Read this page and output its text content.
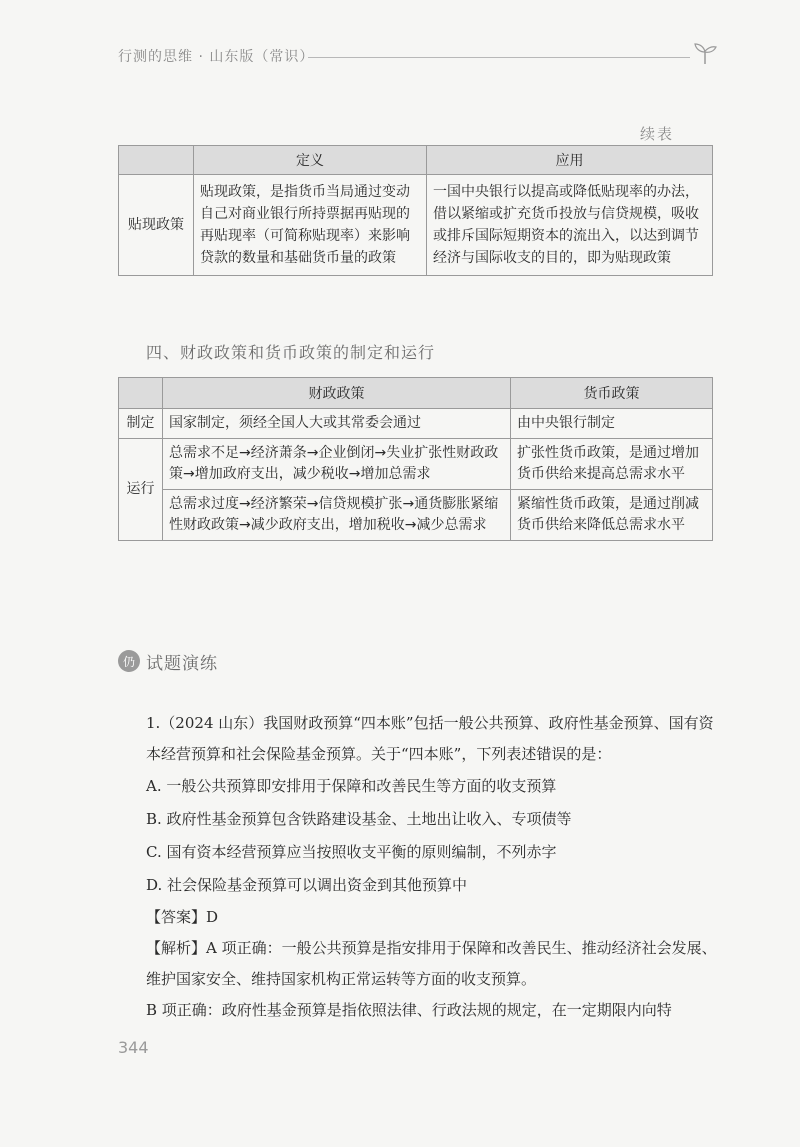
行测的思维 · 山东版（常识）
续表
	定义	应用
贴现政策	贴现政策，是指货币当局通过变动自己对商业银行所持票据再贴现的再贴现率（可简称贴现率）来影响贷款的数量和基础货币量的政策	一国中央银行以提高或降低贴现率的办法，借以紧缩或扩充货币投放与信贷规模，吸收或排斥国际短期资本的流出入，以达到调节经济与国际收支的目的，即为贴现政策
四、财政政策和货币政策的制定和运行
	财政政策	货币政策
制定	国家制定，须经全国人大或其常委会通过	由中央银行制定
运行	总需求不足→经济萧条→企业倒闭→失业扩张性财政政策→增加政府支出，减少税收→增加总需求	扩张性货币政策，是通过增加货币供给来提高总需求水平
	总需求过度→经济繁荣→信贷规模扩张→通货膨胀紧缩性财政政策→减少政府支出，增加税收→减少总需求	紧缩性货币政策，是通过削减货币供给来降低总需求水平
仍 试题演练

1.（2024 山东）我国财政预算“四本账”包括一般公共预算、政府性基金预算、国有资本经营预算和社会保险基金预算。关于“四本账”，下列表述错误的是：

A. 一般公共预算即安排用于保障和改善民生等方面的收支预算

B. 政府性基金预算包含铁路建设基金、土地出让收入、专项债等

C. 国有资本经营预算应当按照收支平衡的原则编制，不列赤字

D. 社会保险基金预算可以调出资金到其他预算中

【答案】D

【解析】A 项正确：一般公共预算是指安排用于保障和改善民生、推动经济社会发展、维护国家安全、维持国家机构正常运转等方面的收支预算。

B 项正确：政府性基金预算是指依照法律、行政法规的规定，在一定期限内向特

344
